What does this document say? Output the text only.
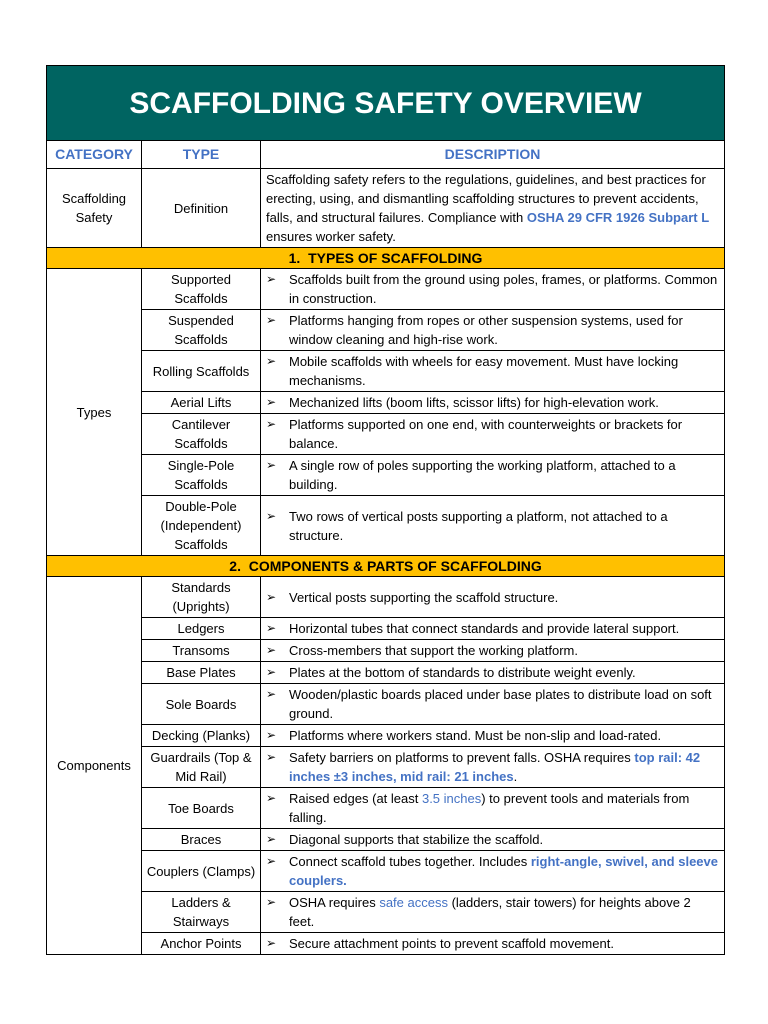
SCAFFOLDING SAFETY OVERVIEW		
CATEGORY	TYPE	DESCRIPTION
Scaffolding Safety	Definition	Scaffolding safety refers to the regulations, guidelines, and best practices for erecting, using, and dismantling scaffolding structures to prevent accidents, falls, and structural failures. Compliance with OSHA 29 CFR 1926 Subpart L ensures worker safety.
1. TYPES OF SCAFFOLDING		
Types	Supported Scaffolds	➢ Scaffolds built from the ground using poles, frames, or platforms. Common in construction.

	Suspended Scaffolds	➢ Platforms hanging from ropes or other suspension systems, used for window cleaning and high-rise work.

	Rolling Scaffolds	➢ Mobile scaffolds with wheels for easy movement. Must have locking mechanisms.

	Aerial Lifts	➢ Mechanized lifts (boom lifts, scissor lifts) for high-elevation work.

	Cantilever Scaffolds	➢ Platforms supported on one end, with counterweights or brackets for balance.

	Single-Pole Scaffolds	➢ A single row of poles supporting the working platform, attached to a building.

	Double-Pole (Independent) Scaffolds	➢ Two rows of vertical posts supporting a platform, not attached to a structure.

2. COMPONENTS & PARTS OF SCAFFOLDING		
Components	Standards (Uprights)	➢ Vertical posts supporting the scaffold structure.

	Ledgers	➢ Horizontal tubes that connect standards and provide lateral support.

	Transoms	➢ Cross-members that support the working platform.

	Base Plates	➢ Plates at the bottom of standards to distribute weight evenly.

	Sole Boards	➢ Wooden/plastic boards placed under base plates to distribute load on soft ground.

	Decking (Planks)	➢ Platforms where workers stand. Must be non-slip and load-rated.

	Guardrails (Top & Mid Rail)	➢ Safety barriers on platforms to prevent falls. OSHA requires top rail: 42 inches ±3 inches, mid rail: 21 inches.

	Toe Boards	➢ Raised edges (at least 3.5 inches) to prevent tools and materials from falling.

	Braces	➢ Diagonal supports that stabilize the scaffold.

	Couplers (Clamps)	➢ Connect scaffold tubes together. Includes right-angle, swivel, and sleeve couplers.

	Ladders & Stairways	➢ OSHA requires safe access (ladders, stair towers) for heights above 2 feet.

	Anchor Points	➢ Secure attachment points to prevent scaffold movement.
